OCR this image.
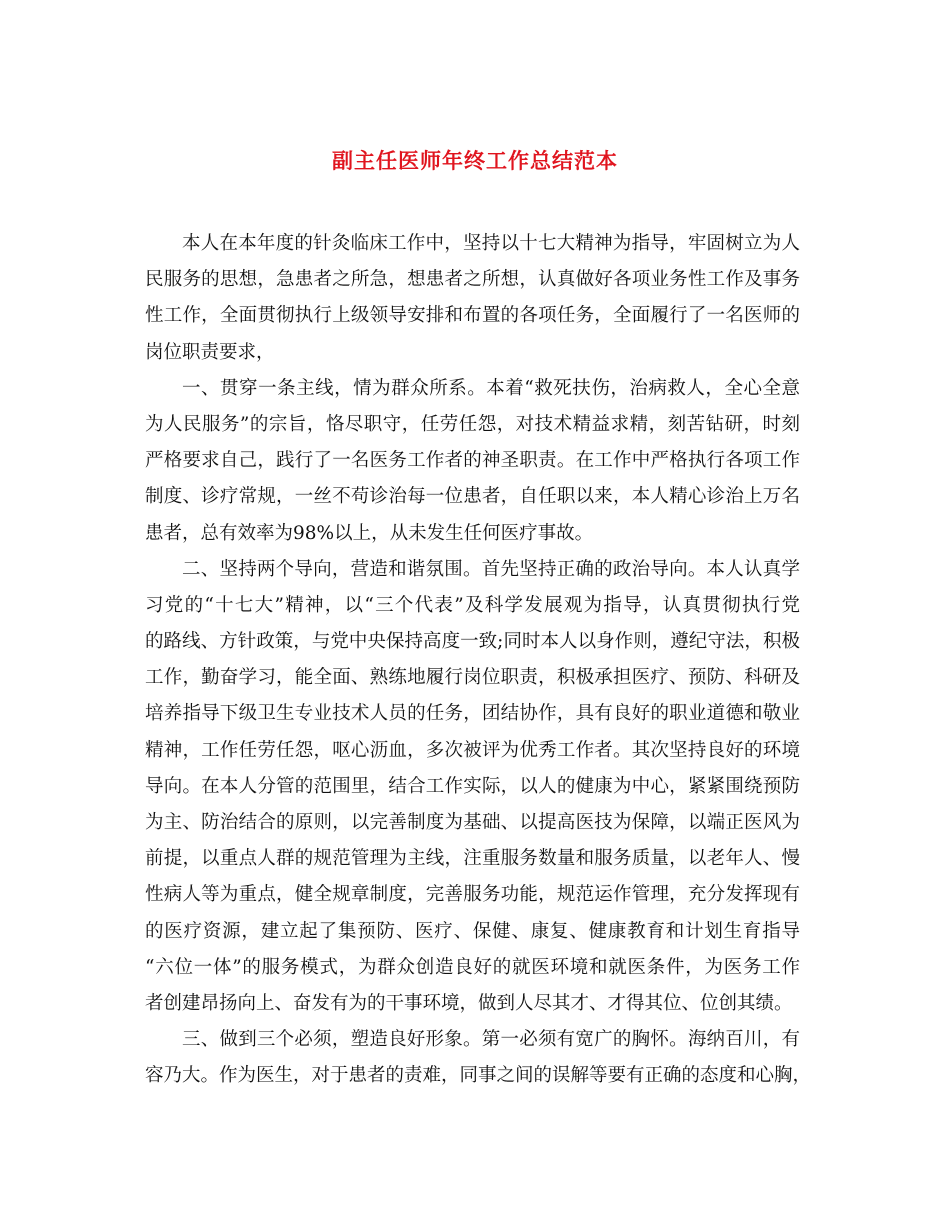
副主任医师年终工作总结范本
本人在本年度的针灸临床工作中，坚持以十七大精神为指导，牢固树立为人
民服务的思想，急患者之所急，想患者之所想，认真做好各项业务性工作及事务
性工作，全面贯彻执行上级领导安排和布置的各项任务，全面履行了一名医师的
岗位职责要求，
一、贯穿一条主线，情为群众所系。本着“救死扶伤，治病救人，全心全意
为人民服务”的宗旨，恪尽职守，任劳任怨，对技术精益求精，刻苦钻研，时刻
严格要求自己，践行了一名医务工作者的神圣职责。在工作中严格执行各项工作
制度、诊疗常规，一丝不苟诊治每一位患者，自任职以来，本人精心诊治上万名
患者，总有效率为98%以上，从未发生任何医疗事故。
二、坚持两个导向，营造和谐氛围。首先坚持正确的政治导向。本人认真学
习党的“十七大”精神，以“三个代表”及科学发展观为指导，认真贯彻执行党
的路线、方针政策，与党中央保持高度一致;同时本人以身作则，遵纪守法，积极
工作，勤奋学习，能全面、熟练地履行岗位职责，积极承担医疗、预防、科研及
培养指导下级卫生专业技术人员的任务，团结协作，具有良好的职业道德和敬业
精神，工作任劳任怨，呕心沥血，多次被评为优秀工作者。其次坚持良好的环境
导向。在本人分管的范围里，结合工作实际，以人的健康为中心，紧紧围绕预防
为主、防治结合的原则，以完善制度为基础、以提高医技为保障，以端正医风为
前提，以重点人群的规范管理为主线，注重服务数量和服务质量，以老年人、慢
性病人等为重点，健全规章制度，完善服务功能，规范运作管理，充分发挥现有
的医疗资源，建立起了集预防、医疗、保健、康复、健康教育和计划生育指导
“六位一体”的服务模式，为群众创造良好的就医环境和就医条件，为医务工作
者创建昂扬向上、奋发有为的干事环境，做到人尽其才、才得其位、位创其绩。
三、做到三个必须，塑造良好形象。第一必须有宽广的胸怀。海纳百川，有
容乃大。作为医生，对于患者的责难，同事之间的误解等要有正确的态度和心胸，
